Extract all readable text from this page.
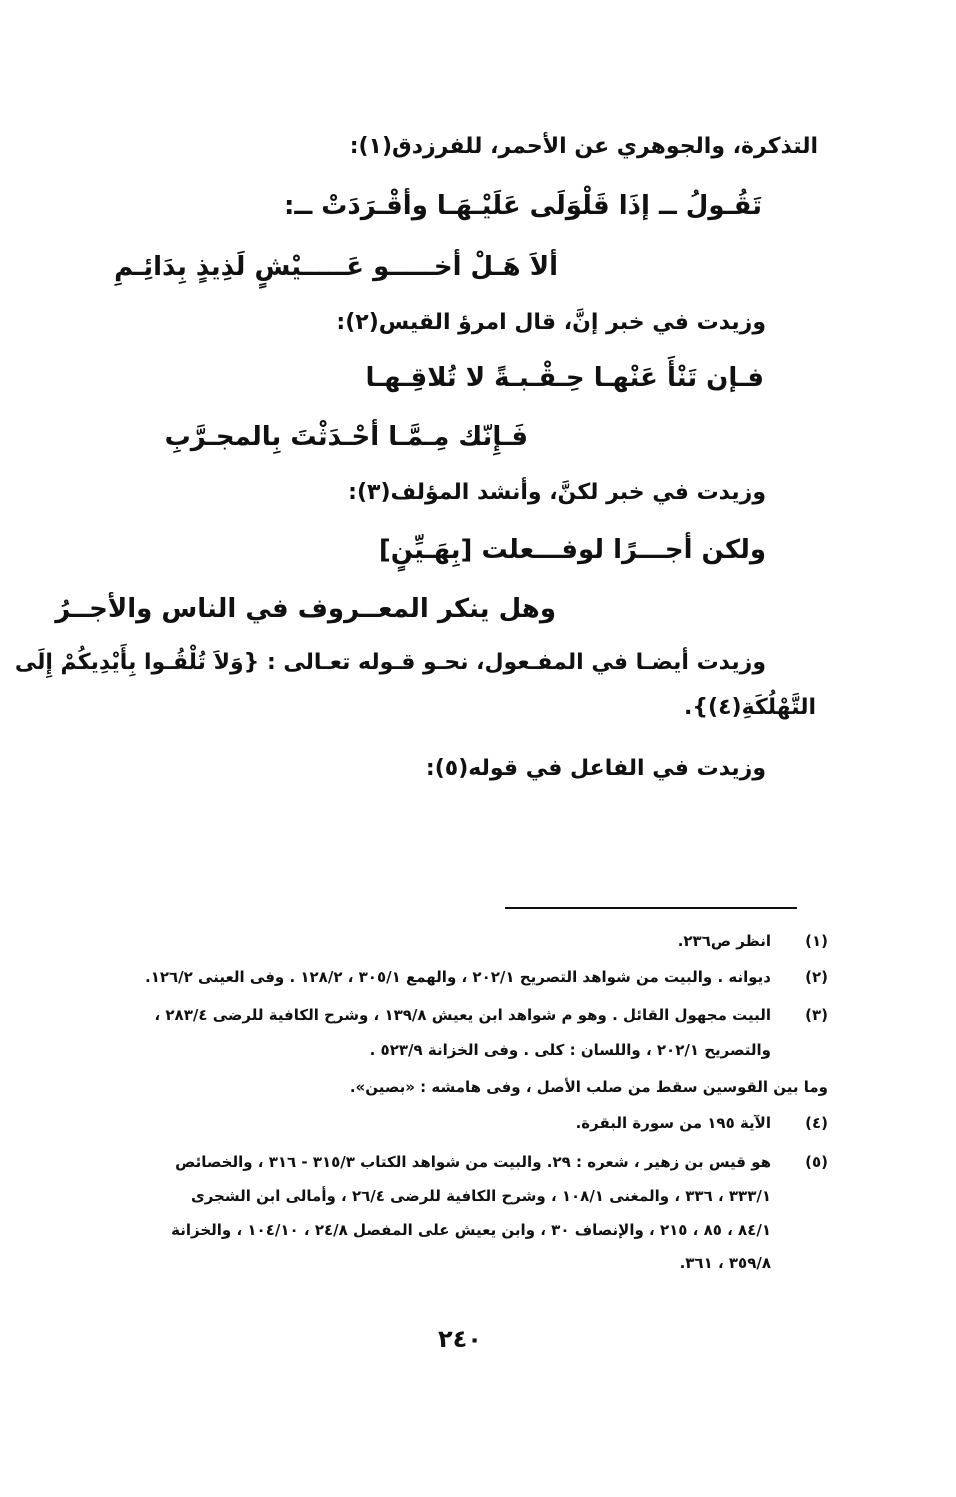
التذكرة، والجوهري عن الأحمر، للفرزدق(١):
تَقُـولُ ــ إذَا قَلْوَلَى عَلَيْـهَـا وأقْـرَدَتْ ــ:
ألاَ هَـلْ أخـــــو عَـــــيْشٍ لَذِيذٍ بِدَائِـمِ
وزيدت في خبر إنَّ، قال امرؤ القيس(٢):
فـإن تَنْأَ عَنْهـا حِـقْـبـةً لا تُلاقِـهـا
فَـإِنّك مِـمَّـا أحْـدَثْتَ بِالمجـرَّبِ
وزيدت في خبر لكنَّ، وأنشد المؤلف(٣):
ولكن أجـــرًا لوفـــعلت [بِهَـيِّنٍ]
وهل ينكر المعــروف في الناس والأجــرُ
وزيدت أيضـا في المفـعول، نحـو قـوله تعـالى : {وَلاَ تُلْقُـوا بِأَيْدِيكُمْ إِلَى
التَّهْلُكَةِ(٤)}.
وزيدت في الفاعل في قوله(٥):
(١)
انظر ص٢٣٦.
(٢)
ديوانه . والبيت من شواهد التصريح ٢٠٢/١ ، والهمع ٣٠٥/١ ، ١٢٨/٢ . وفى العينى ١٢٦/٢.
(٣)
البيت مجهول القائل . وهو م شواهد ابن يعيش ١٣٩/٨ ، وشرح الكافية للرضى ٢٨٣/٤ ،
والتصريح ٢٠٢/١ ، واللسان : كلى . وفى الخزانة ٥٢٣/٩ .
وما بين القوسين سقط من صلب الأصل ، وفى هامشه : «بصين».
(٤)
الآية ١٩٥ من سورة البقرة.
(٥)
هو قيس بن زهير ، شعره : ٢٩. والبيت من شواهد الكتاب ٣١٥/٣ - ٣١٦ ، والخصائص
٣٣٣/١ ، ٣٣٦ ، والمغنى ١٠٨/١ ، وشرح الكافية للرضى ٢٦/٤ ، وأمالى ابن الشجرى
٨٤/١ ، ٨٥ ، ٢١٥ ، والإنصاف ٣٠ ، وابن يعيش على المفصل ٢٤/٨ ، ١٠٤/١٠ ، والخزانة
٣٥٩/٨ ، ٣٦١.
٢٤٠
